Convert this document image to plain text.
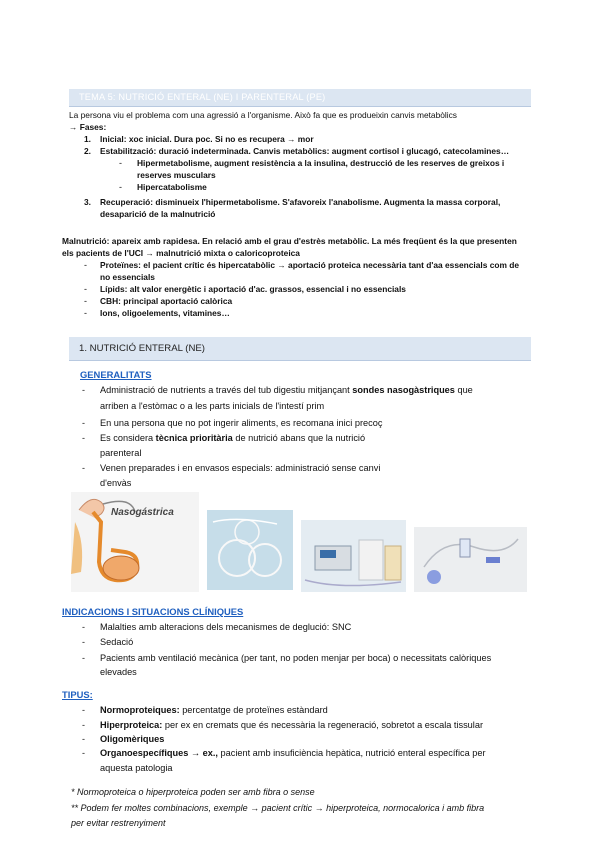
TEMA 5: NUTRICIÓ ENTERAL (NE) I PARENTERAL (PE)
La persona viu el problema com una agressió a l'organisme. Això fa que es produeixin canvis metabòlics
→ Fases:
1. Inicial: xoc inicial. Dura poc. Si no es recupera → mor
2. Estabilització: duració indeterminada. Canvis metabòlics: augment cortisol i glucagó, catecolamines…
- Hipermetabolisme, augment resistència a la insulina, destrucció de les reserves de greixos i
reserves musculars
- Hipercatabolisme
3. Recuperació: disminueix l'hipermetabolisme. S'afavoreix l'anabolisme. Augmenta la massa corporal,
desaparició de la malnutrició
Malnutrició: apareix amb rapidesa. En relació amb el grau d'estrès metabòlic. La més freqüent és la que presenten
els pacients de l'UCI → malnutrició mixta o caloricoproteica
- Proteïnes: el pacient crític és hipercatabòlic → aportació proteica necessària tant d'aa essencials com de
no essencials
- Lípids: alt valor energètic i aportació d'ac. grassos, essencial i no essencials
- CBH: principal aportació calòrica
- Ions, oligoelements, vitamines…
1. NUTRICIÓ ENTERAL (NE)
GENERALITATS
- Administració de nutrients a través del tub digestiu mitjançant sondes nasogàstriques que
arriben a l'estòmac o a les parts inicials de l'intestí prim
- En una persona que no pot ingerir aliments, es recomana inici precoç
- Es considera tècnica prioritària de nutrició abans que la nutrició
parenteral
- Venen preparades i en envasos especials: administració sense canvi
d'envàs
Nasogástrica
INDICACIONS I SITUACIONS CLÍNIQUES
- Malalties amb alteracions dels mecanismes de deglució: SNC
- Sedació
- Pacients amb ventilació mecànica (per tant, no poden menjar per boca) o necessitats calòriques
elevades
TIPUS:
- Normoproteiques: percentatge de proteïnes estàndard
- Hiperproteica: per ex en cremats que és necessària la regeneració, sobretot a escala tissular
- Oligomèriques
- Organoespecífiques → ex., pacient amb insuficiència hepàtica, nutrició enteral específica per
aquesta patologia
* Normoproteica o hiperproteica poden ser amb fibra o sense
** Podem fer moltes combinacions, exemple → pacient crític → hiperproteica, normocalorica i amb fibra
per evitar restrenyiment
